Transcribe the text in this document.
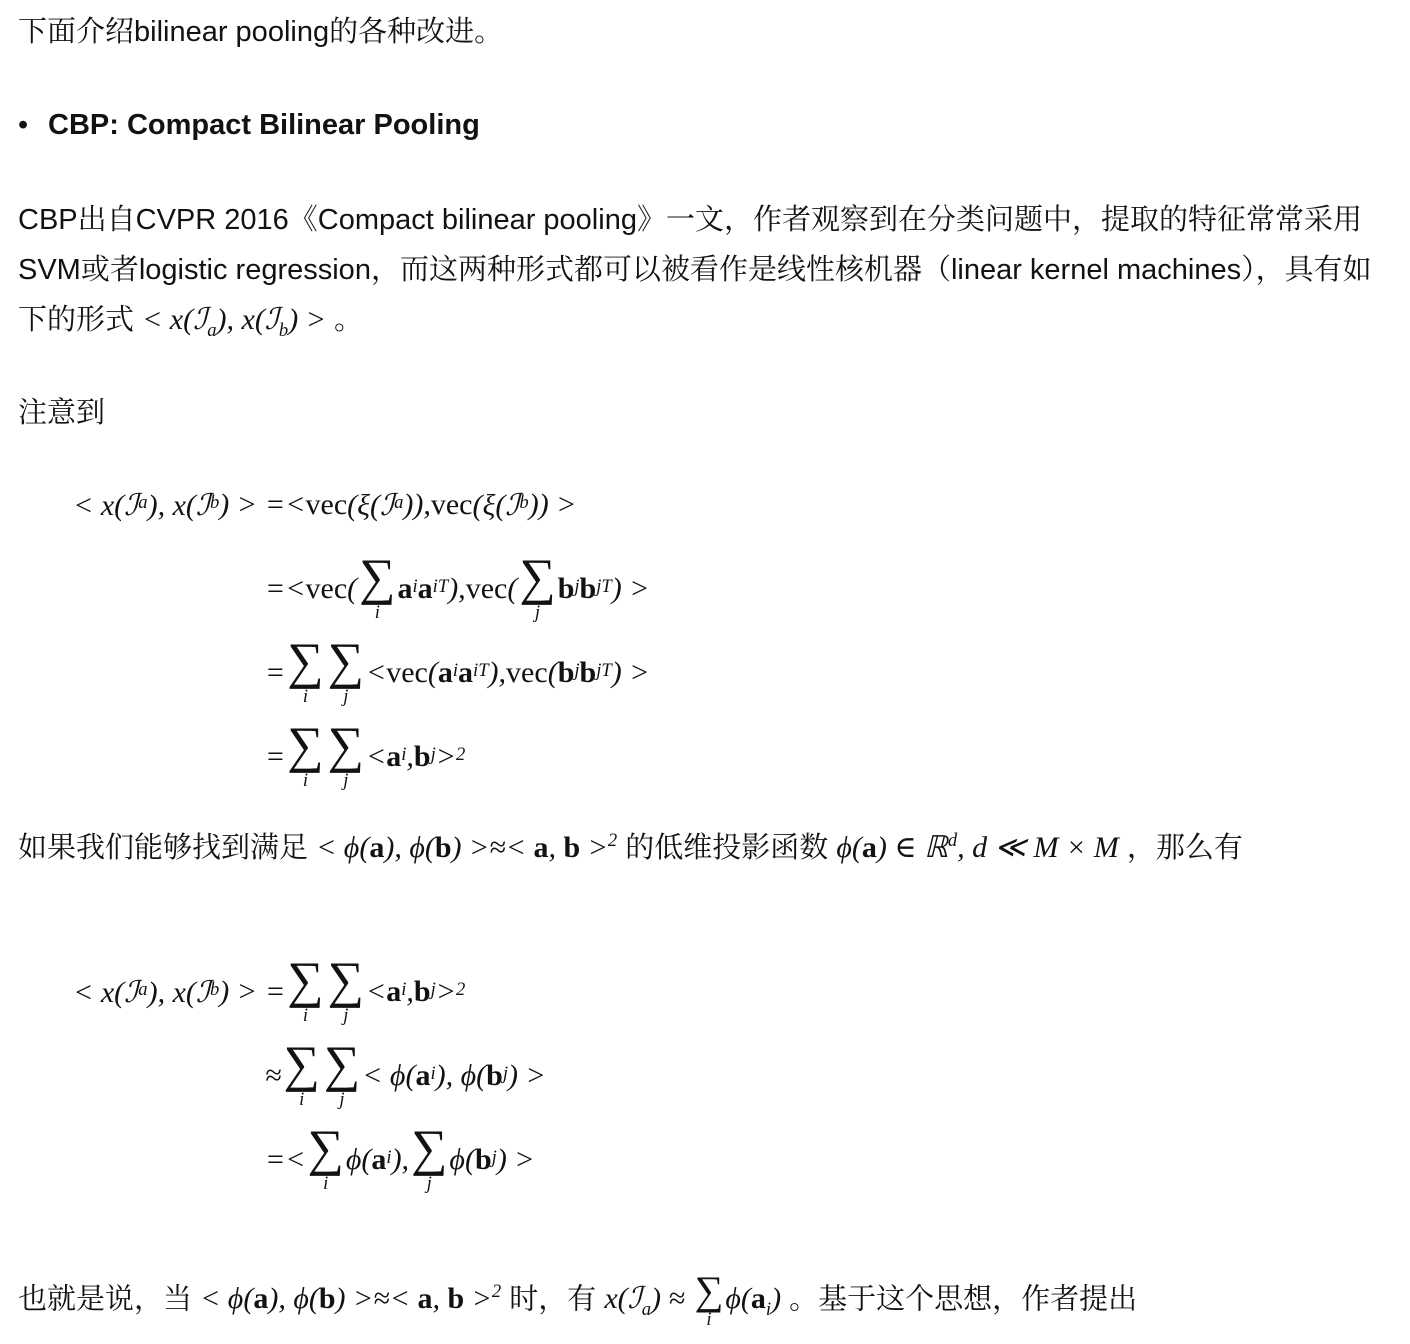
下面介绍bilinear pooling的各种改进。
• CBP: Compact Bilinear Pooling
CBP出自CVPR 2016《Compact bilinear pooling》一文，作者观察到在分类问题中，提取的特征常常采用SVM或者logistic regression，而这两种形式都可以被看作是线性核机器（linear kernel machines），具有如下的形式 < x(ℐ$_a$), x(ℐ$_b$) > 。
注意到
< x(ℐ a ), x(ℐ b ) > =< vec (ξ(ℐ a )), vec (ξ(ℐ b )) >
=< vec (
∑
i
a i a i T ), vec (
∑
j
b j b j T ) >
=
∑
i
∑ j
< vec ( a i a i T ), vec ( b j b j T ) >
=
∑
i
∑ j
< a i , b j > 2
如果我们能够找到满足 < ϕ(a), ϕ(b) >≈< a, b >$^2$ 的低维投影函数 ϕ(a) ∈ ℝ$^d$, d ≪ M × M ，那么有
< x(ℐ a ), x(ℐ b ) > =
∑
i
∑ j
< a i , b j > 2
≈
∑
i
∑ j
< ϕ( a i ), ϕ( b j ) >
=<
∑
i
ϕ( a i ),
∑
j
ϕ( b j ) >
也就是说，当 < ϕ(a), ϕ(b) >≈< a, b >$^2$ 时，有 x(ℐ$_a$) ≈
∑
i
$\phi(a_i)$ 。基于这个思想，作者提出
